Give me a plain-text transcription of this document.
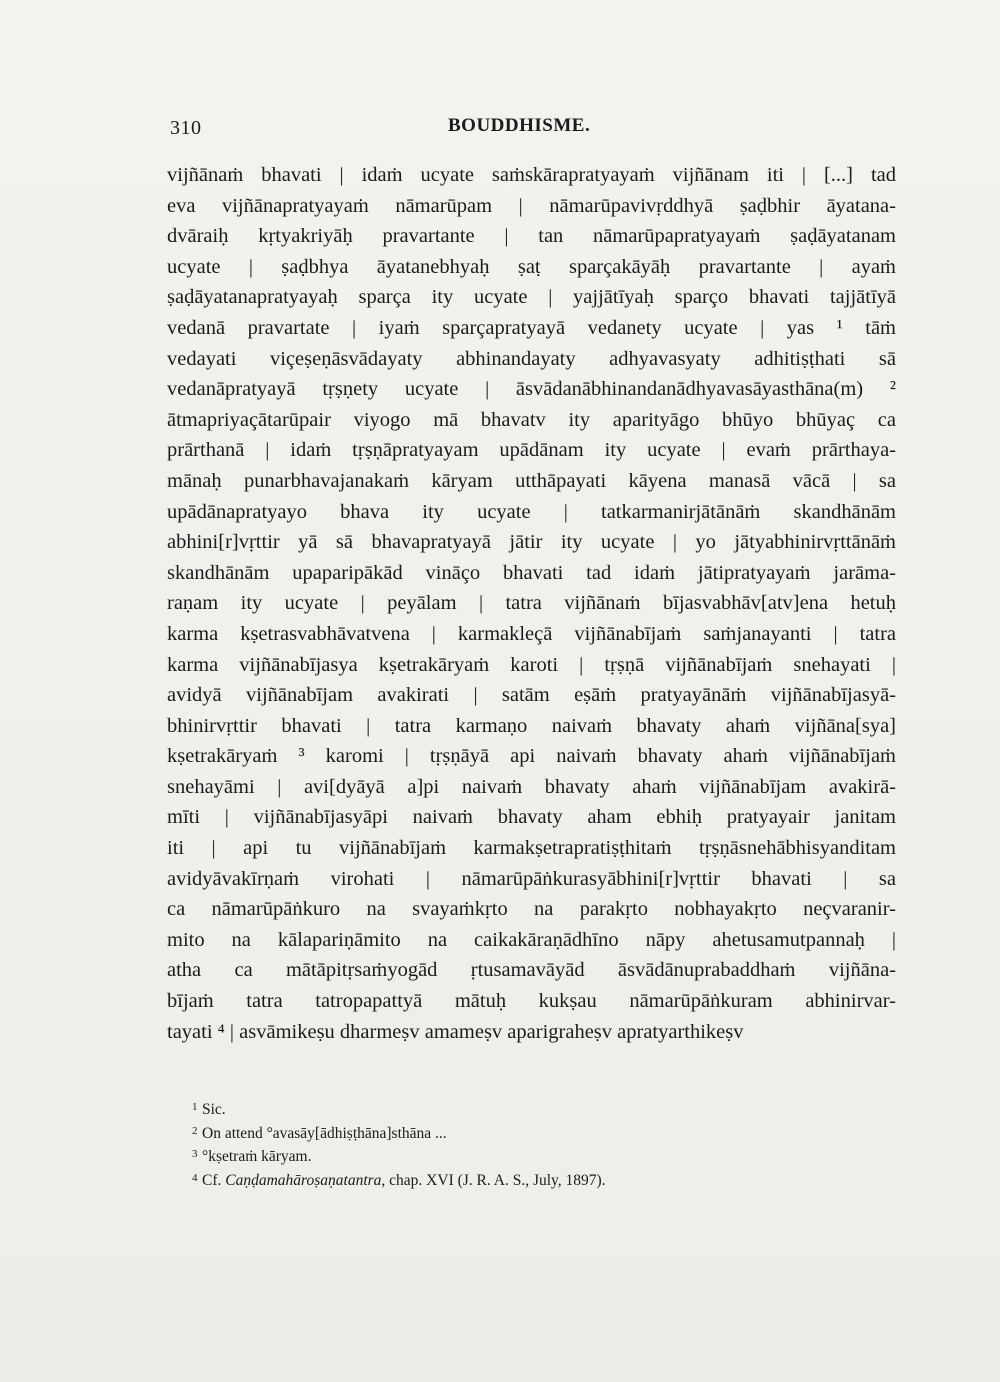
310	BOUDDHISME.
vijñānaṁ bhavati | idaṁ ucyate saṁskārapratyayaṁ vijñānam iti | [...] tad
eva vijñānapratyayaṁ nāmarūpam | nāmarūpavivṛddhyā ṣaḍbhir āyatana-
dvāraiḥ kṛtyakriyāḥ pravartante | tan nāmarūpapratyayaṁ ṣaḍāyatanam
ucyate | ṣaḍbhya āyatanebhyaḥ ṣaṭ sparçakāyāḥ pravartante | ayaṁ
ṣaḍāyatanapratyayaḥ sparça ity ucyate | yajjātīyaḥ sparço bhavati tajjātīyā
vedanā pravartate | iyaṁ sparçapratyayā vedanety ucyate | yas ¹ tāṁ
vedayati viçeṣeṇāsvādayaty abhinandayaty adhyavasyaty adhitiṣṭhati sā
vedanāpratyayā tṛṣṇety ucyate | āsvādanābhinandanādhyavasāyasthāna(m) ²
ātmapriyaçātarūpair viyogo mā bhavatv ity aparityāgo bhūyo bhūyaç ca
prārthanā | idaṁ tṛṣṇāpratyayam upādānam ity ucyate | evaṁ prārthaya-
mānaḥ punarbhavajanakaṁ kāryam utthāpayati kāyena manasā vācā | sa
upādānapratyayo bhava ity ucyate | tatkarmanirjātānāṁ skandhānām
abhini[r]vṛttir yā sā bhavapratyayā jātir ity ucyate | yo jātyabhinirvṛttānāṁ
skandhānām upaparipākād vināço bhavati tad idaṁ jātipratyayaṁ jarāma-
raṇam ity ucyate | peyālam | tatra vijñānaṁ bījasvabhāv[atv]ena hetuḥ
karma kṣetrasvabhāvatvena | karmakleçā vijñānabījaṁ saṁjanayanti | tatra
karma vijñānabījasya kṣetrakāryaṁ karoti | tṛṣṇā vijñānabījaṁ snehayati |
avidyā vijñānabījam avakirati | satām eṣāṁ pratyayānāṁ vijñānabījasyā-
bhinirvṛttir bhavati | tatra karmaṇo naivaṁ bhavaty ahaṁ vijñāna[sya]
kṣetrakāryaṁ ³ karomi | tṛṣṇāyā api naivaṁ bhavaty ahaṁ vijñānabījaṁ
snehayāmi | avi[dyāyā a]pi naivaṁ bhavaty ahaṁ vijñānabījam avakirā-
mīti | vijñānabījasyāpi naivaṁ bhavaty aham ebhiḥ pratyayair janitam
iti | api tu vijñānabījaṁ karmakṣetrapratiṣṭhitaṁ tṛṣṇāsnehābhisyanditam
avidyāvakīrṇaṁ virohati | nāmarūpāṅkurasyābhini[r]vṛttir bhavati | sa
ca nāmarūpāṅkuro na svayaṁkṛto na parakṛto nobhayakṛto neçvaranir-
mito na kālapariṇāmito na caikakāraṇādhīno nāpy ahetusamutpannaḥ |
atha ca mātāpitṛsaṁyogād ṛtusamavāyād āsvādānuprabaddhaṁ vijñāna-
bījaṁ tatra tatropapattyā mātuḥ kukṣau nāmarūpāṅkuram abhinirvar-
tayati ⁴ | asvāmikeṣu dharmeṣv amameṣv aparigraheṣv apratyarthikeṣv
1 Sic.
2 On attend °avasāy[ādhiṣṭhāna]sthāna ...
3 °kṣetraṁ kāryam.
4 Cf. Caṇḍamahāroṣaṇatantra, chap. XVI (J. R. A. S., July, 1897).
